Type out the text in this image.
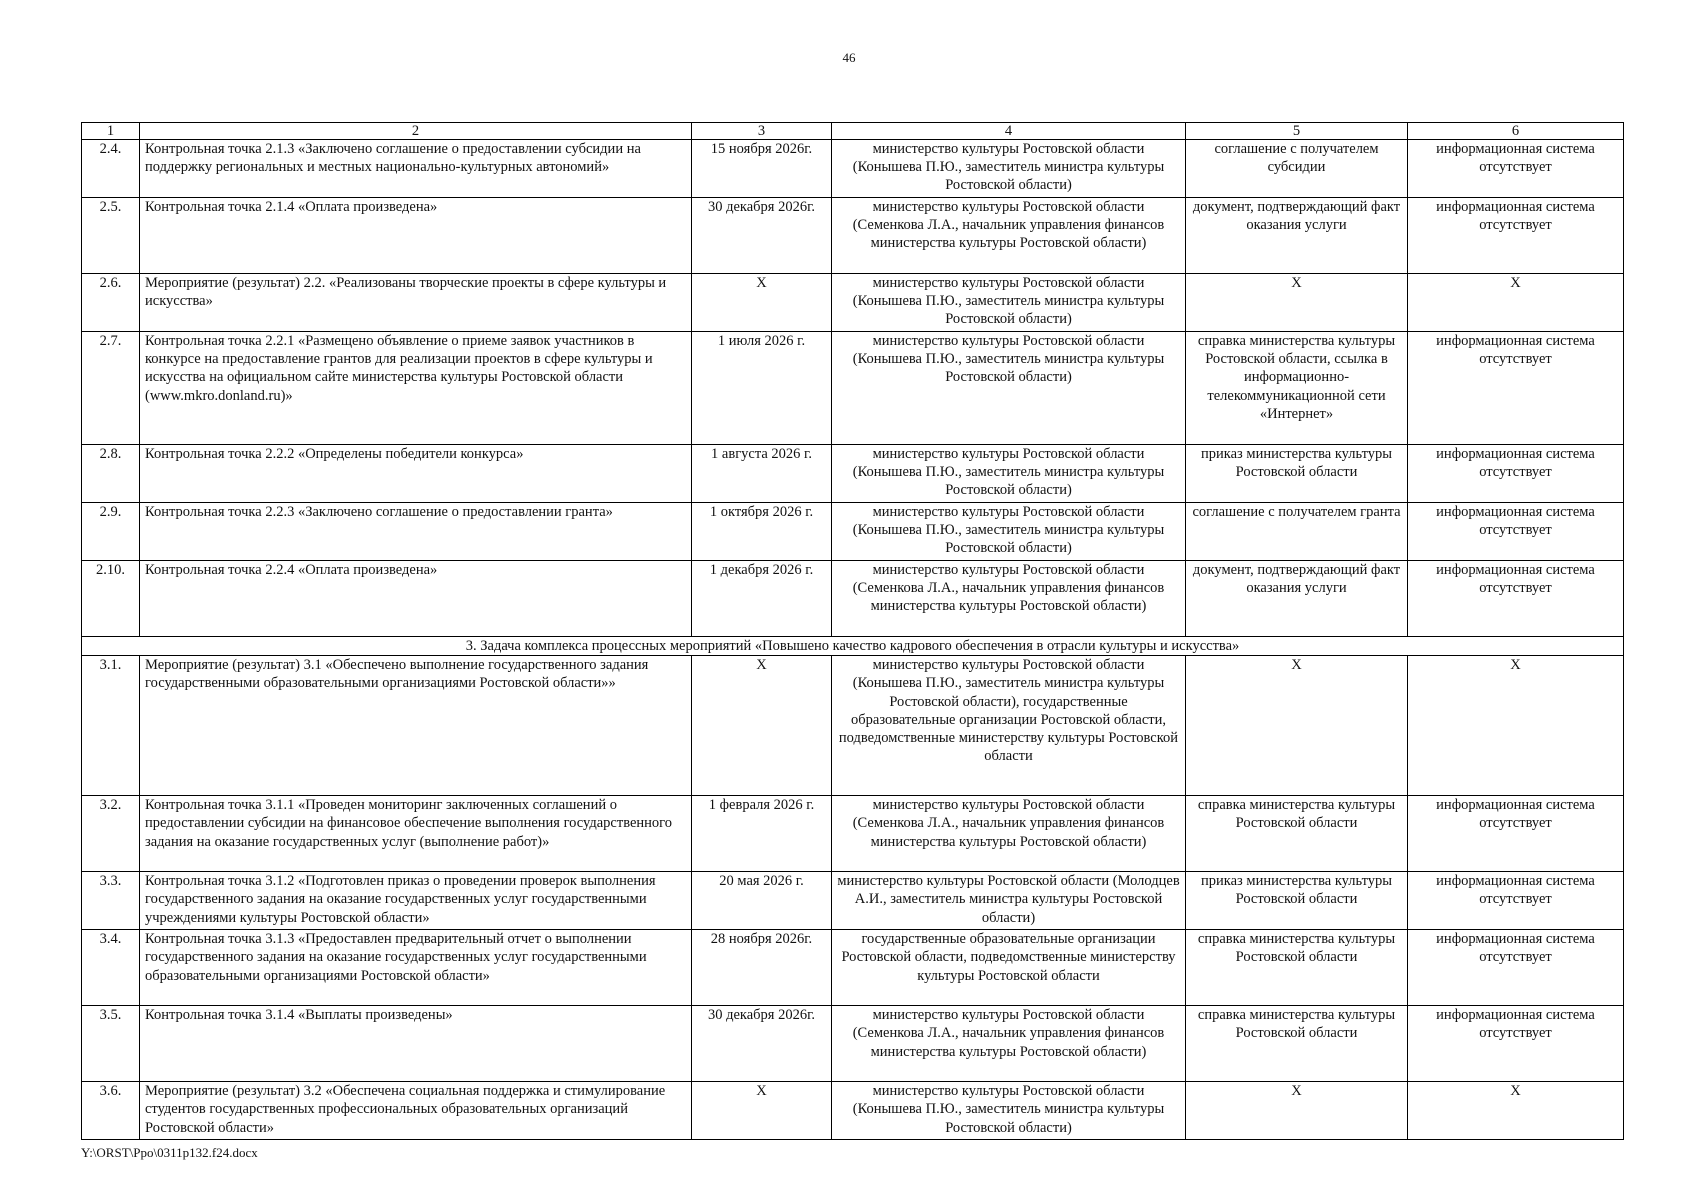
46
1	2	3	4	5	6
2.4.	Контрольная точка 2.1.3 «Заключено соглашение о предоставлении субсидии на поддержку региональных и местных национально-культурных автономий»	15 ноября 2026г.	министерство культуры Ростовской области (Конышева П.Ю., заместитель министра культуры Ростовской области)	соглашение с получателем субсидии	информационная система отсутствует
2.5.	Контрольная точка 2.1.4 «Оплата произведена»	30 декабря 2026г.	министерство культуры Ростовской области (Семенкова Л.А., начальник управления финансов министерства культуры Ростовской области)	документ, подтверждающий факт оказания услуги	информационная система отсутствует
2.6.	Мероприятие (результат) 2.2. «Реализованы творческие проекты в сфере культуры и искусства»	Х	министерство культуры Ростовской области (Конышева П.Ю., заместитель министра культуры Ростовской области)	Х	Х
2.7.	Контрольная точка 2.2.1 «Размещено объявление о приеме заявок участников в конкурсе на предоставление грантов для реализации проектов в сфере культуры и искусства на официальном сайте министерства культуры Ростовской области (www.mkro.donland.ru)»	1 июля 2026 г.	министерство культуры Ростовской области (Конышева П.Ю., заместитель министра культуры Ростовской области)	справка министерства культуры Ростовской области, ссылка в информационно-телекоммуникационной сети «Интернет»	информационная система отсутствует
2.8.	Контрольная точка 2.2.2 «Определены победители конкурса»	1 августа 2026 г.	министерство культуры Ростовской области (Конышева П.Ю., заместитель министра культуры Ростовской области)	приказ министерства культуры Ростовской области	информационная система отсутствует
2.9.	Контрольная точка 2.2.3 «Заключено соглашение о предоставлении гранта»	1 октября 2026 г.	министерство культуры Ростовской области (Конышева П.Ю., заместитель министра культуры Ростовской области)	соглашение с получателем гранта	информационная система отсутствует
2.10.	Контрольная точка 2.2.4 «Оплата произведена»	1 декабря 2026 г.	министерство культуры Ростовской области (Семенкова Л.А., начальник управления финансов министерства культуры Ростовской области)	документ, подтверждающий факт оказания услуги	информационная система отсутствует
3. Задача комплекса процессных мероприятий «Повышено качество кадрового обеспечения в отрасли культуры и искусства»					
3.1.	Мероприятие (результат) 3.1 «Обеспечено выполнение государственного задания государственными образовательными организациями Ростовской области»»	Х	министерство культуры Ростовской области (Конышева П.Ю., заместитель министра культуры Ростовской области), государственные образовательные организации Ростовской области, подведомственные министерству культуры Ростовской области	Х	Х
3.2.	Контрольная точка 3.1.1 «Проведен мониторинг заключенных соглашений о предоставлении субсидии на финансовое обеспечение выполнения государственного задания на оказание государственных услуг (выполнение работ)»	1 февраля 2026 г.	министерство культуры Ростовской области (Семенкова Л.А., начальник управления финансов министерства культуры Ростовской области)	справка министерства культуры Ростовской области	информационная система отсутствует
3.3.	Контрольная точка 3.1.2 «Подготовлен приказ о проведении проверок выполнения государственного задания на оказание государственных услуг государственными учреждениями культуры Ростовской области»	20 мая 2026 г.	министерство культуры Ростовской области (Молодцев А.И., заместитель министра культуры Ростовской области)	приказ министерства культуры Ростовской области	информационная система отсутствует
3.4.	Контрольная точка 3.1.3 «Предоставлен предварительный отчет о выполнении государственного задания на оказание государственных услуг государственными образовательными организациями Ростовской области»	28 ноября 2026г.	государственные образовательные организации Ростовской области, подведомственные министерству культуры Ростовской области	справка министерства культуры Ростовской области	информационная система отсутствует
3.5.	Контрольная точка 3.1.4 «Выплаты произведены»	30 декабря 2026г.	министерство культуры Ростовской области (Семенкова Л.А., начальник управления финансов министерства культуры Ростовской области)	справка министерства культуры Ростовской области	информационная система отсутствует
3.6.	Мероприятие (результат) 3.2 «Обеспечена социальная поддержка и стимулирование студентов государственных профессиональных образовательных организаций Ростовской области»	Х	министерство культуры Ростовской области (Конышева П.Ю., заместитель министра культуры Ростовской области)	Х	Х
Y:\ORST\Ppo\0311p132.f24.docx
